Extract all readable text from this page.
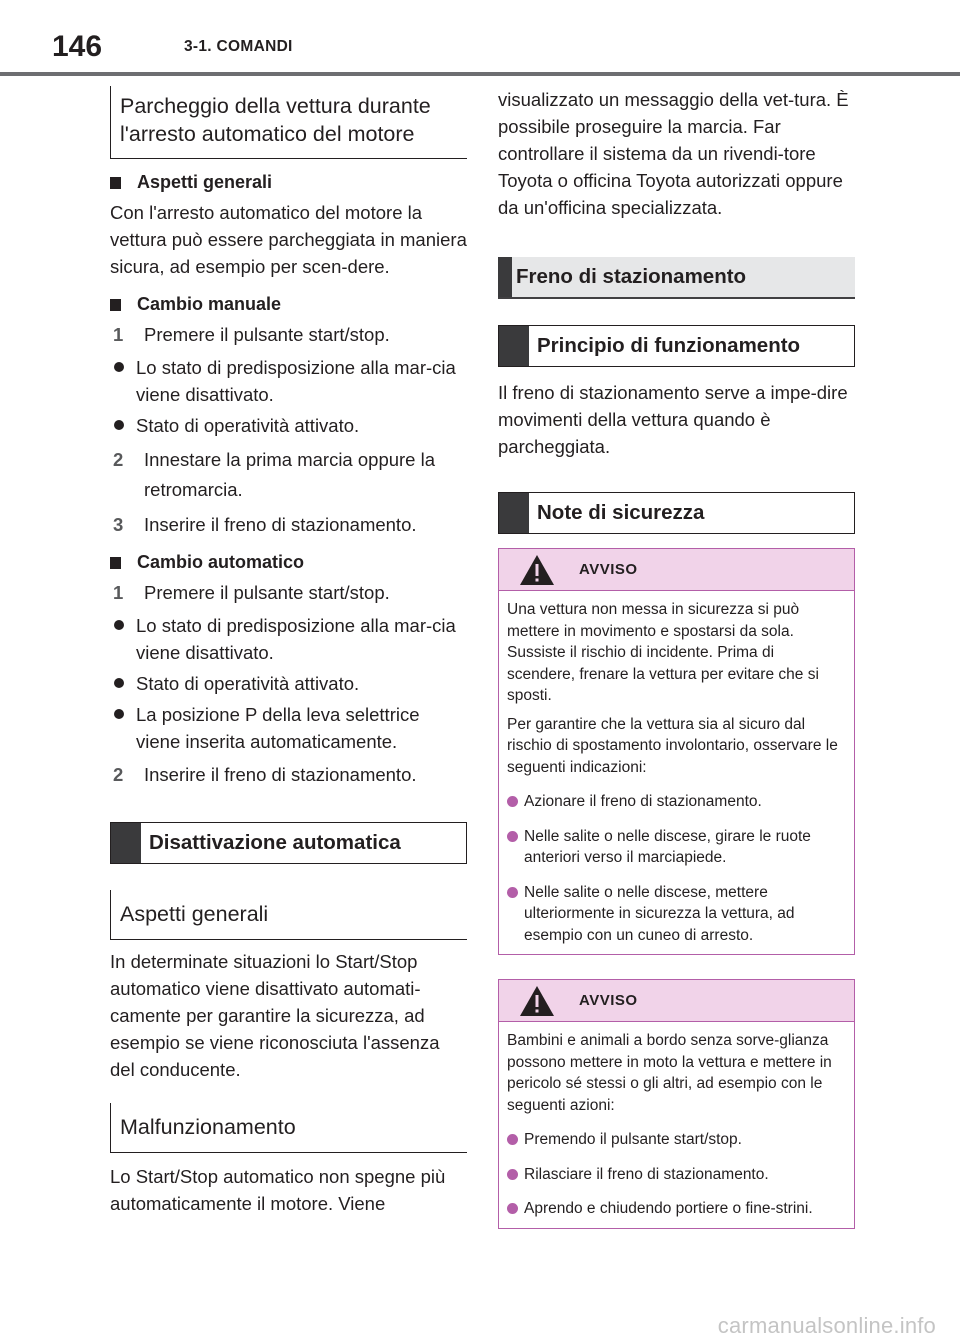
146	3-1. COMANDI
Parcheggio della vettura durante l'arresto automatico del motore
Aspetti generali
Con l'arresto automatico del motore la vettura può essere parcheggiata in maniera sicura, ad esempio per scen-dere.
Cambio manuale
1	Premere il pulsante start/stop.
Lo stato di predisposizione alla mar-cia viene disattivato.
Stato di operatività attivato.
2	Innestare la prima marcia oppure la retromarcia.
3	Inserire il freno di stazionamento.
Cambio automatico
1	Premere il pulsante start/stop.
Lo stato di predisposizione alla mar-cia viene disattivato.
Stato di operatività attivato.
La posizione P della leva selettrice viene inserita automaticamente.
2	Inserire il freno di stazionamento.
Disattivazione automatica
Aspetti generali
In determinate situazioni lo Start/Stop automatico viene disattivato automati-camente per garantire la sicurezza, ad esempio se viene riconosciuta l'assenza del conducente.
Malfunzionamento
Lo Start/Stop automatico non spegne più automaticamente il motore. Viene
visualizzato un messaggio della vet-tura. È possibile proseguire la marcia. Far controllare il sistema da un rivendi-tore Toyota o officina Toyota autorizzati oppure da un'officina specializzata.
Freno di stazionamento
Principio di funzionamento
Il freno di stazionamento serve a impe-dire movimenti della vettura quando è parcheggiata.
Note di sicurezza
AVVISO

Una vettura non messa in sicurezza si può mettere in movimento e spostarsi da sola. Sussiste il rischio di incidente. Prima di scendere, frenare la vettura per evitare che si sposti.

Per garantire che la vettura sia al sicuro dal rischio di spostamento involontario, osservare le seguenti indicazioni:

Azionare il freno di stazionamento.
Nelle salite o nelle discese, girare le ruote anteriori verso il marciapiede.
Nelle salite o nelle discese, mettere ulteriormente in sicurezza la vettura, ad esempio con un cuneo di arresto.
AVVISO

Bambini e animali a bordo senza sorve-glianza possono mettere in moto la vettura e mettere in pericolo sé stessi o gli altri, ad esempio con le seguenti azioni:

Premendo il pulsante start/stop.
Rilasciare il freno di stazionamento.
Aprendo e chiudendo portiere o fine-strini.
carmanualsonline.info
